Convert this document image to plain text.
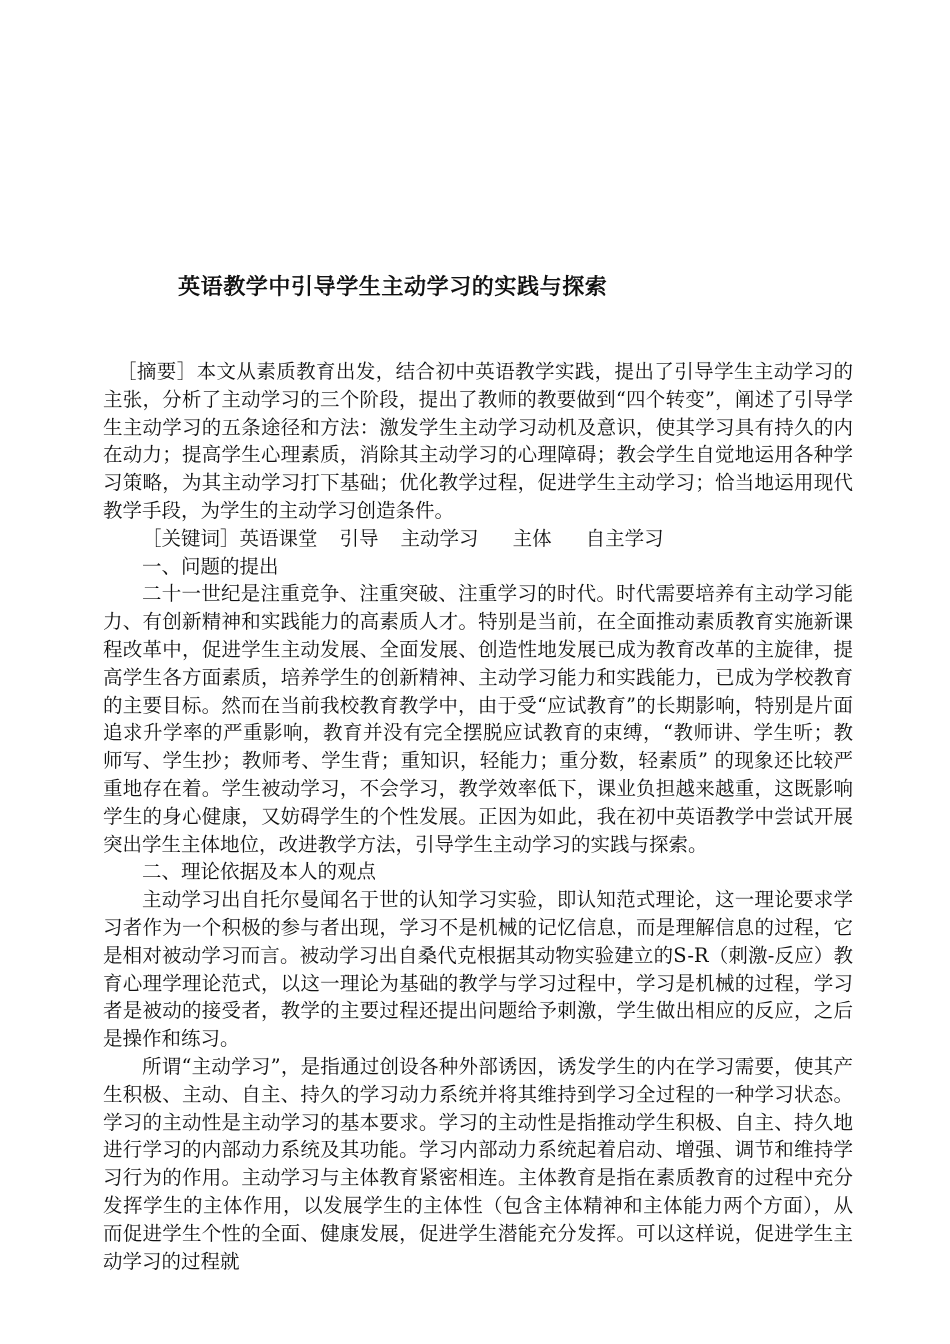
英语教学中引导学生主动学习的实践与探索

［摘要］本文从素质教育出发，结合初中英语教学实践，提出了引导学生主动学习的主张，分析了主动学习的三个阶段，提出了教师的教要做到“四个转变”，阐述了引导学生主动学习的五条途径和方法：激发学生主动学习动机及意识，使其学习具有持久的内在动力；提高学生心理素质，消除其主动学习的心理障碍；教会学生自觉地运用各种学习策略，为其主动学习打下基础；优化教学过程，促进学生主动学习；恰当地运用现代教学手段，为学生的主动学习创造条件。

［关键词］英语课堂 引导 主动学习 主体 自主学习

一、问题的提出

二十一世纪是注重竞争、注重突破、注重学习的时代。时代需要培养有主动学习能力、有创新精神和实践能力的高素质人才。特别是当前，在全面推动素质教育实施新课程改革中，促进学生主动发展、全面发展、创造性地发展已成为教育改革的主旋律，提高学生各方面素质，培养学生的创新精神、主动学习能力和实践能力，已成为学校教育的主要目标。然而在当前我校教育教学中，由于受“应试教育”的长期影响，特别是片面追求升学率的严重影响，教育并没有完全摆脱应试教育的束缚，“教师讲、学生听；教师写、学生抄；教师考、学生背；重知识，轻能力；重分数，轻素质” 的现象还比较严重地存在着。学生被动学习，不会学习，教学效率低下，课业负担越来越重，这既影响学生的身心健康，又妨碍学生的个性发展。正因为如此，我在初中英语教学中尝试开展突出学生主体地位，改进教学方法，引导学生主动学习的实践与探索。

二、理论依据及本人的观点

主动学习出自托尔曼闻名于世的认知学习实验，即认知范式理论，这一理论要求学习者作为一个积极的参与者出现，学习不是机械的记忆信息，而是理解信息的过程，它是相对被动学习而言。被动学习出自桑代克根据其动物实验建立的S-R（刺激-反应）教育心理学理论范式，以这一理论为基础的教学与学习过程中，学习是机械的过程，学习者是被动的接受者，教学的主要过程还提出问题给予刺激，学生做出相应的反应，之后是操作和练习。

所谓“主动学习”，是指通过创设各种外部诱因，诱发学生的内在学习需要，使其产生积极、主动、自主、持久的学习动力系统并将其维持到学习全过程的一种学习状态。学习的主动性是主动学习的基本要求。学习的主动性是指推动学生积极、自主、持久地进行学习的内部动力系统及其功能。学习内部动力系统起着启动、增强、调节和维持学习行为的作用。主动学习与主体教育紧密相连。主体教育是指在素质教育的过程中充分发挥学生的主体作用，以发展学生的主体性（包含主体精神和主体能力两个方面），从而促进学生个性的全面、健康发展，促进学生潜能充分发挥。可以这样说，促进学生主动学习的过程就
